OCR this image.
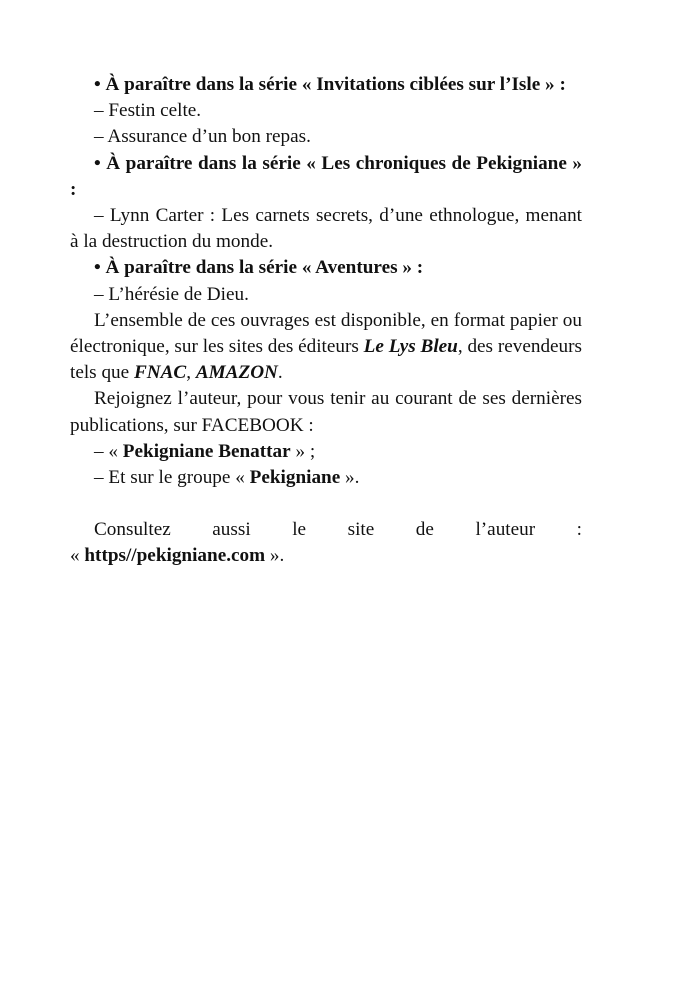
• À paraître dans la série « Invitations ciblées sur l’Isle » :

– Festin celte.

– Assurance d’un bon repas.

• À paraître dans la série « Les chroniques de Pekigniane » :

– Lynn Carter : Les carnets secrets, d’une ethnologue, menant à la destruction du monde.

• À paraître dans la série « Aventures » :

– L’hérésie de Dieu.

L’ensemble de ces ouvrages est disponible, en format papier ou électronique, sur les sites des éditeurs Le Lys Bleu, des revendeurs tels que FNAC, AMAZON.

Rejoignez l’auteur, pour vous tenir au courant de ses dernières publications, sur FACEBOOK :

– « Pekigniane Benattar » ;

– Et sur le groupe « Pekigniane ».

Consultez aussi le site de l’auteur :

« https//pekigniane.com ».
